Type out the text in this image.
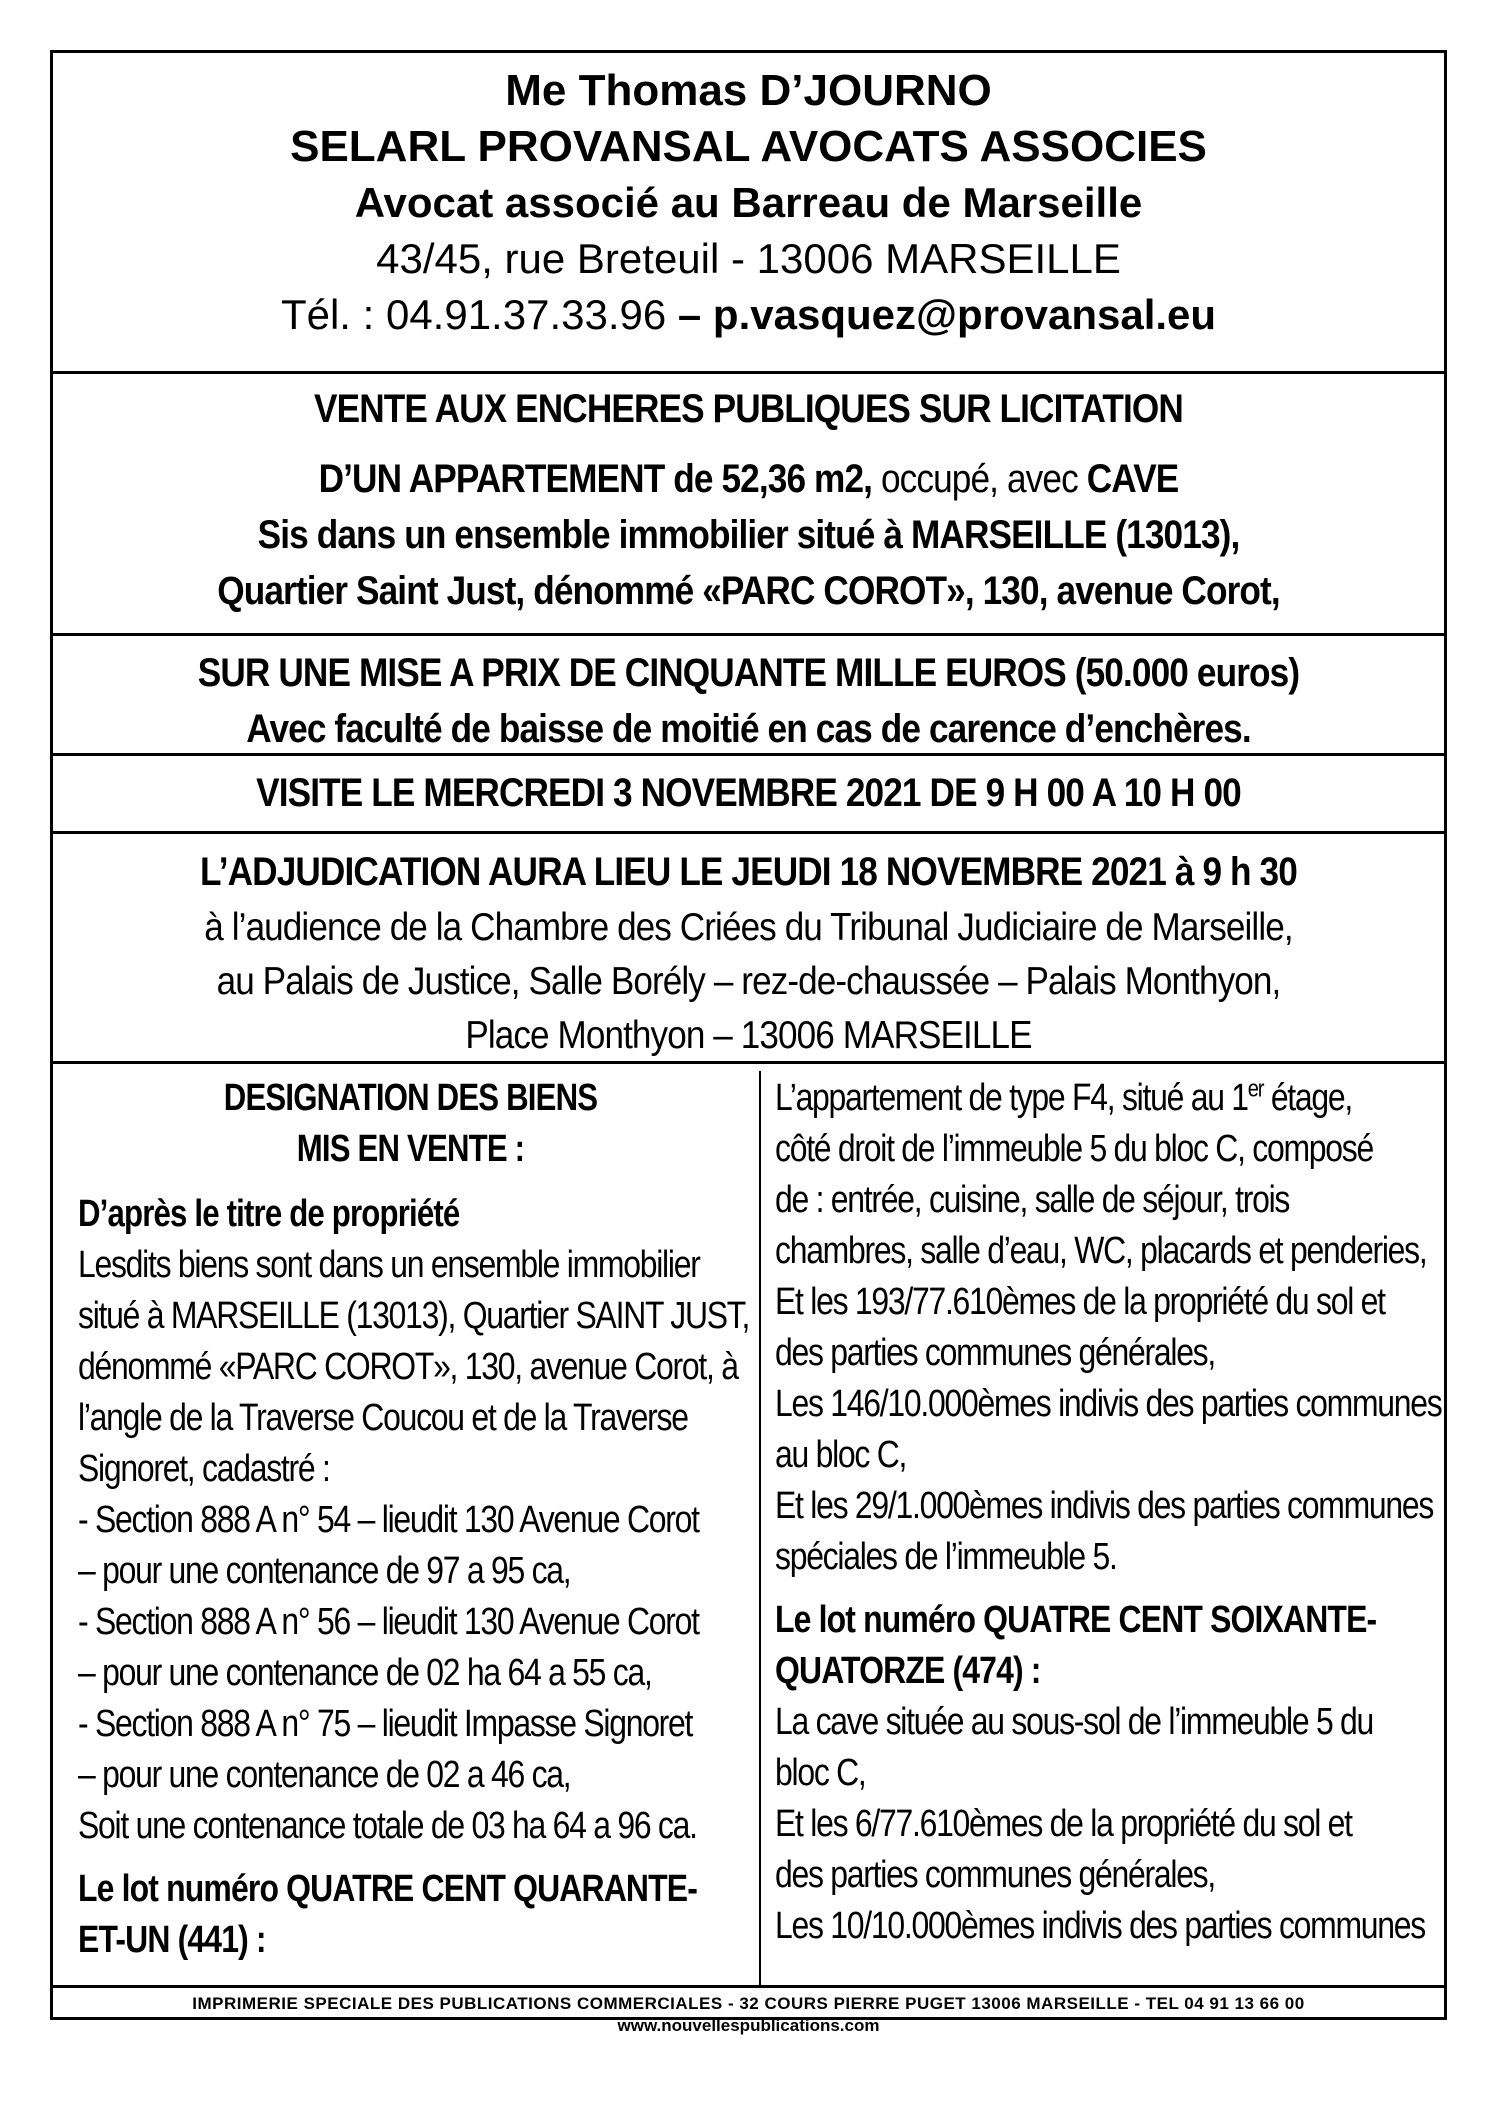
Me Thomas D’JOURNO
SELARL PROVANSAL AVOCATS ASSOCIES
Avocat associé au Barreau de Marseille
43/45, rue Breteuil - 13006 MARSEILLE
Tél. : 04.91.37.33.96 – p.vasquez@provansal.eu
VENTE AUX ENCHERES PUBLIQUES SUR LICITATION
D’UN APPARTEMENT de 52,36 m2, occupé, avec CAVE
Sis dans un ensemble immobilier situé à MARSEILLE (13013),
Quartier Saint Just, dénommé «PARC COROT», 130, avenue Corot,
SUR UNE MISE A PRIX DE CINQUANTE MILLE EUROS (50.000 euros)
Avec faculté de baisse de moitié en cas de carence d’enchères.
VISITE LE MERCREDI 3 NOVEMBRE 2021 DE 9 H 00 A 10 H 00
L’ADJUDICATION AURA LIEU LE JEUDI 18 NOVEMBRE 2021 à 9 h 30
à l’audience de la Chambre des Criées du Tribunal Judiciaire de Marseille,
au Palais de Justice, Salle Borély – rez-de-chaussée – Palais Monthyon,
Place Monthyon – 13006 MARSEILLE
DESIGNATION DES BIENS
MIS EN VENTE :
D’après le titre de propriété
Lesdits biens sont dans un ensemble immobilier
situé à MARSEILLE (13013), Quartier SAINT JUST,
dénommé «PARC COROT», 130, avenue Corot, à
l’angle de la Traverse Coucou et de la Traverse
Signoret, cadastré :
- Section 888 A n° 54 – lieudit 130 Avenue Corot
– pour une contenance de 97 a 95 ca,
- Section 888 A n° 56 – lieudit 130 Avenue Corot
– pour une contenance de 02 ha 64 a 55 ca,
- Section 888 A n° 75 – lieudit Impasse Signoret
– pour une contenance de 02 a 46 ca,
Soit une contenance totale de 03 ha 64 a 96 ca.
Le lot numéro QUATRE CENT QUARANTE-
ET-UN (441) :
L’appartement de type F4, situé au 1er étage,
côté droit de l’immeuble 5 du bloc C, composé
de : entrée, cuisine, salle de séjour, trois
chambres, salle d’eau, WC, placards et penderies,
Et les 193/77.610èmes de la propriété du sol et
des parties communes générales,
Les 146/10.000èmes indivis des parties communes
au bloc C,
Et les 29/1.000èmes indivis des parties communes
spéciales de l’immeuble 5.
Le lot numéro QUATRE CENT SOIXANTE-
QUATORZE (474) :
La cave située au sous-sol de l’immeuble 5 du
bloc C,
Et les 6/77.610èmes de la propriété du sol et
des parties communes générales,
Les 10/10.000èmes indivis des parties communes
IMPRIMERIE SPECIALE DES PUBLICATIONS COMMERCIALES - 32 COURS PIERRE PUGET 13006 MARSEILLE - TEL 04 91 13 66 00
www.nouvellespublications.com
